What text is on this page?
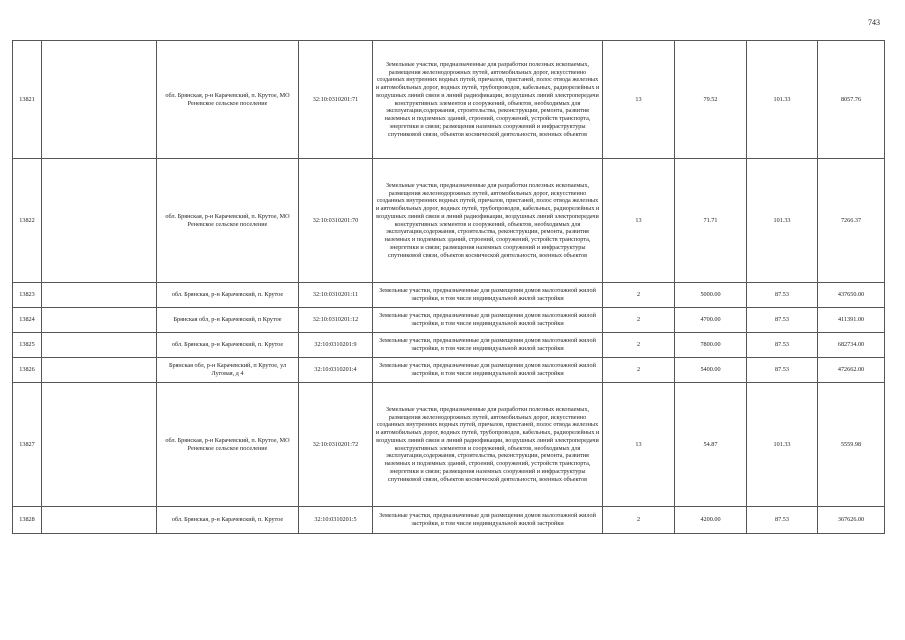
743
13821		обл. Брянская, р-н Карачевский, п. Крутое, МО Реневское сельское поселение	32:10:0310201:71	Земельные участки, предназначенные для разработки полезных ископаемых, размещения железнодорожных путей, автомобильных дорог, искусственно созданных внутренних водных путей, причалов, пристаней, полос отвода железных и автомобильных дорог, водных путей, трубопроводов, кабельных, радиорелейных и воздушных линий связи и линий радиофикации, воздушных линий электропередачи конструктивных элементов и сооружений, объектов, необходимых для эксплуатации,содержания, строительства, реконструкции, ремонта, развития наземных и подземных зданий, строений, сооружений, устройств транспорта, энергетики и связи; размещения наземных сооружений и инфраструктуры спутниковой связи, объектов космической деятельности, военных объектов	13	79.52	101.33	8057.76
13822		обл. Брянская, р-н Карачевский, п. Крутое, МО Реневское сельское поселение	32:10:0310201:70	Земельные участки, предназначенные для разработки полезных ископаемых, размещения железнодорожных путей, автомобильных дорог, искусственно созданных внутренних водных путей, причалов, пристаней, полос отвода железных и автомобильных дорог, водных путей, трубопроводов, кабельных, радиорелейных и воздушных линий связи и линий радиофикации, воздушных линий электропередачи конструктивных элементов и сооружений, объектов, необходимых для эксплуатации,содержания, строительства, реконструкции, ремонта, развития наземных и подземных зданий, строений, сооружений, устройств транспорта, энергетики и связи; размещения наземных сооружений и инфраструктуры спутниковой связи, объектов космической деятельности, военных объектов	13	71.71	101.33	7266.37
13823		обл. Брянская, р-н Карачевский, п. Крутое	32:10:0310201:11	Земельные участки, предназначенные для размещения домов малоэтажной жилой застройки, в том числе индивидуальной жилой застройки	2	5000.00	87.53	437650.00
13824		Брянская обл, р-н Карачевский, п Крутое	32:10:0310201:12	Земельные участки, предназначенные для размещения домов малоэтажной жилой застройки, в том числе индивидуальной жилой застройки	2	4700.00	87.53	411391.00
13825		обл. Брянская, р-н Карачевский, п. Крутое	32:10:0310201:9	Земельные участки, предназначенные для размещения домов малоэтажной жилой застройки, в том числе индивидуальной жилой застройки	2	7800.00	87.53	682734.00
13826		Брянская обл, р-н Карачевский, п Крутое, ул Луговая, д 4	32:10:0310201:4	Земельные участки, предназначенные для размещения домов малоэтажной жилой застройки, в том числе индивидуальной жилой застройки	2	5400.00	87.53	472662.00
13827		обл. Брянская, р-н Карачевский, п. Крутое, МО Реневское сельское поселение	32:10:0310201:72	Земельные участки, предназначенные для разработки полезных ископаемых, размещения железнодорожных путей, автомобильных дорог, искусственно созданных внутренних водных путей, причалов, пристаней, полос отвода железных и автомобильных дорог, водных путей, трубопроводов, кабельных, радиорелейных и воздушных линий связи и линий радиофикации, воздушных линий электропередачи конструктивных элементов и сооружений, объектов, необходимых для эксплуатации,содержания, строительства, реконструкции, ремонта, развития наземных и подземных зданий, строений, сооружений, устройств транспорта, энергетики и связи; размещения наземных сооружений и инфраструктуры спутниковой связи, объектов космической деятельности, военных объектов	13	54.87	101.33	5559.98
13828		обл. Брянская, р-н Карачевский, п. Крутое	32:10:0310201:5	Земельные участки, предназначенные для размещения домов малоэтажной жилой застройки, в том числе индивидуальной жилой застройки	2	4200.00	87.53	367626.00
